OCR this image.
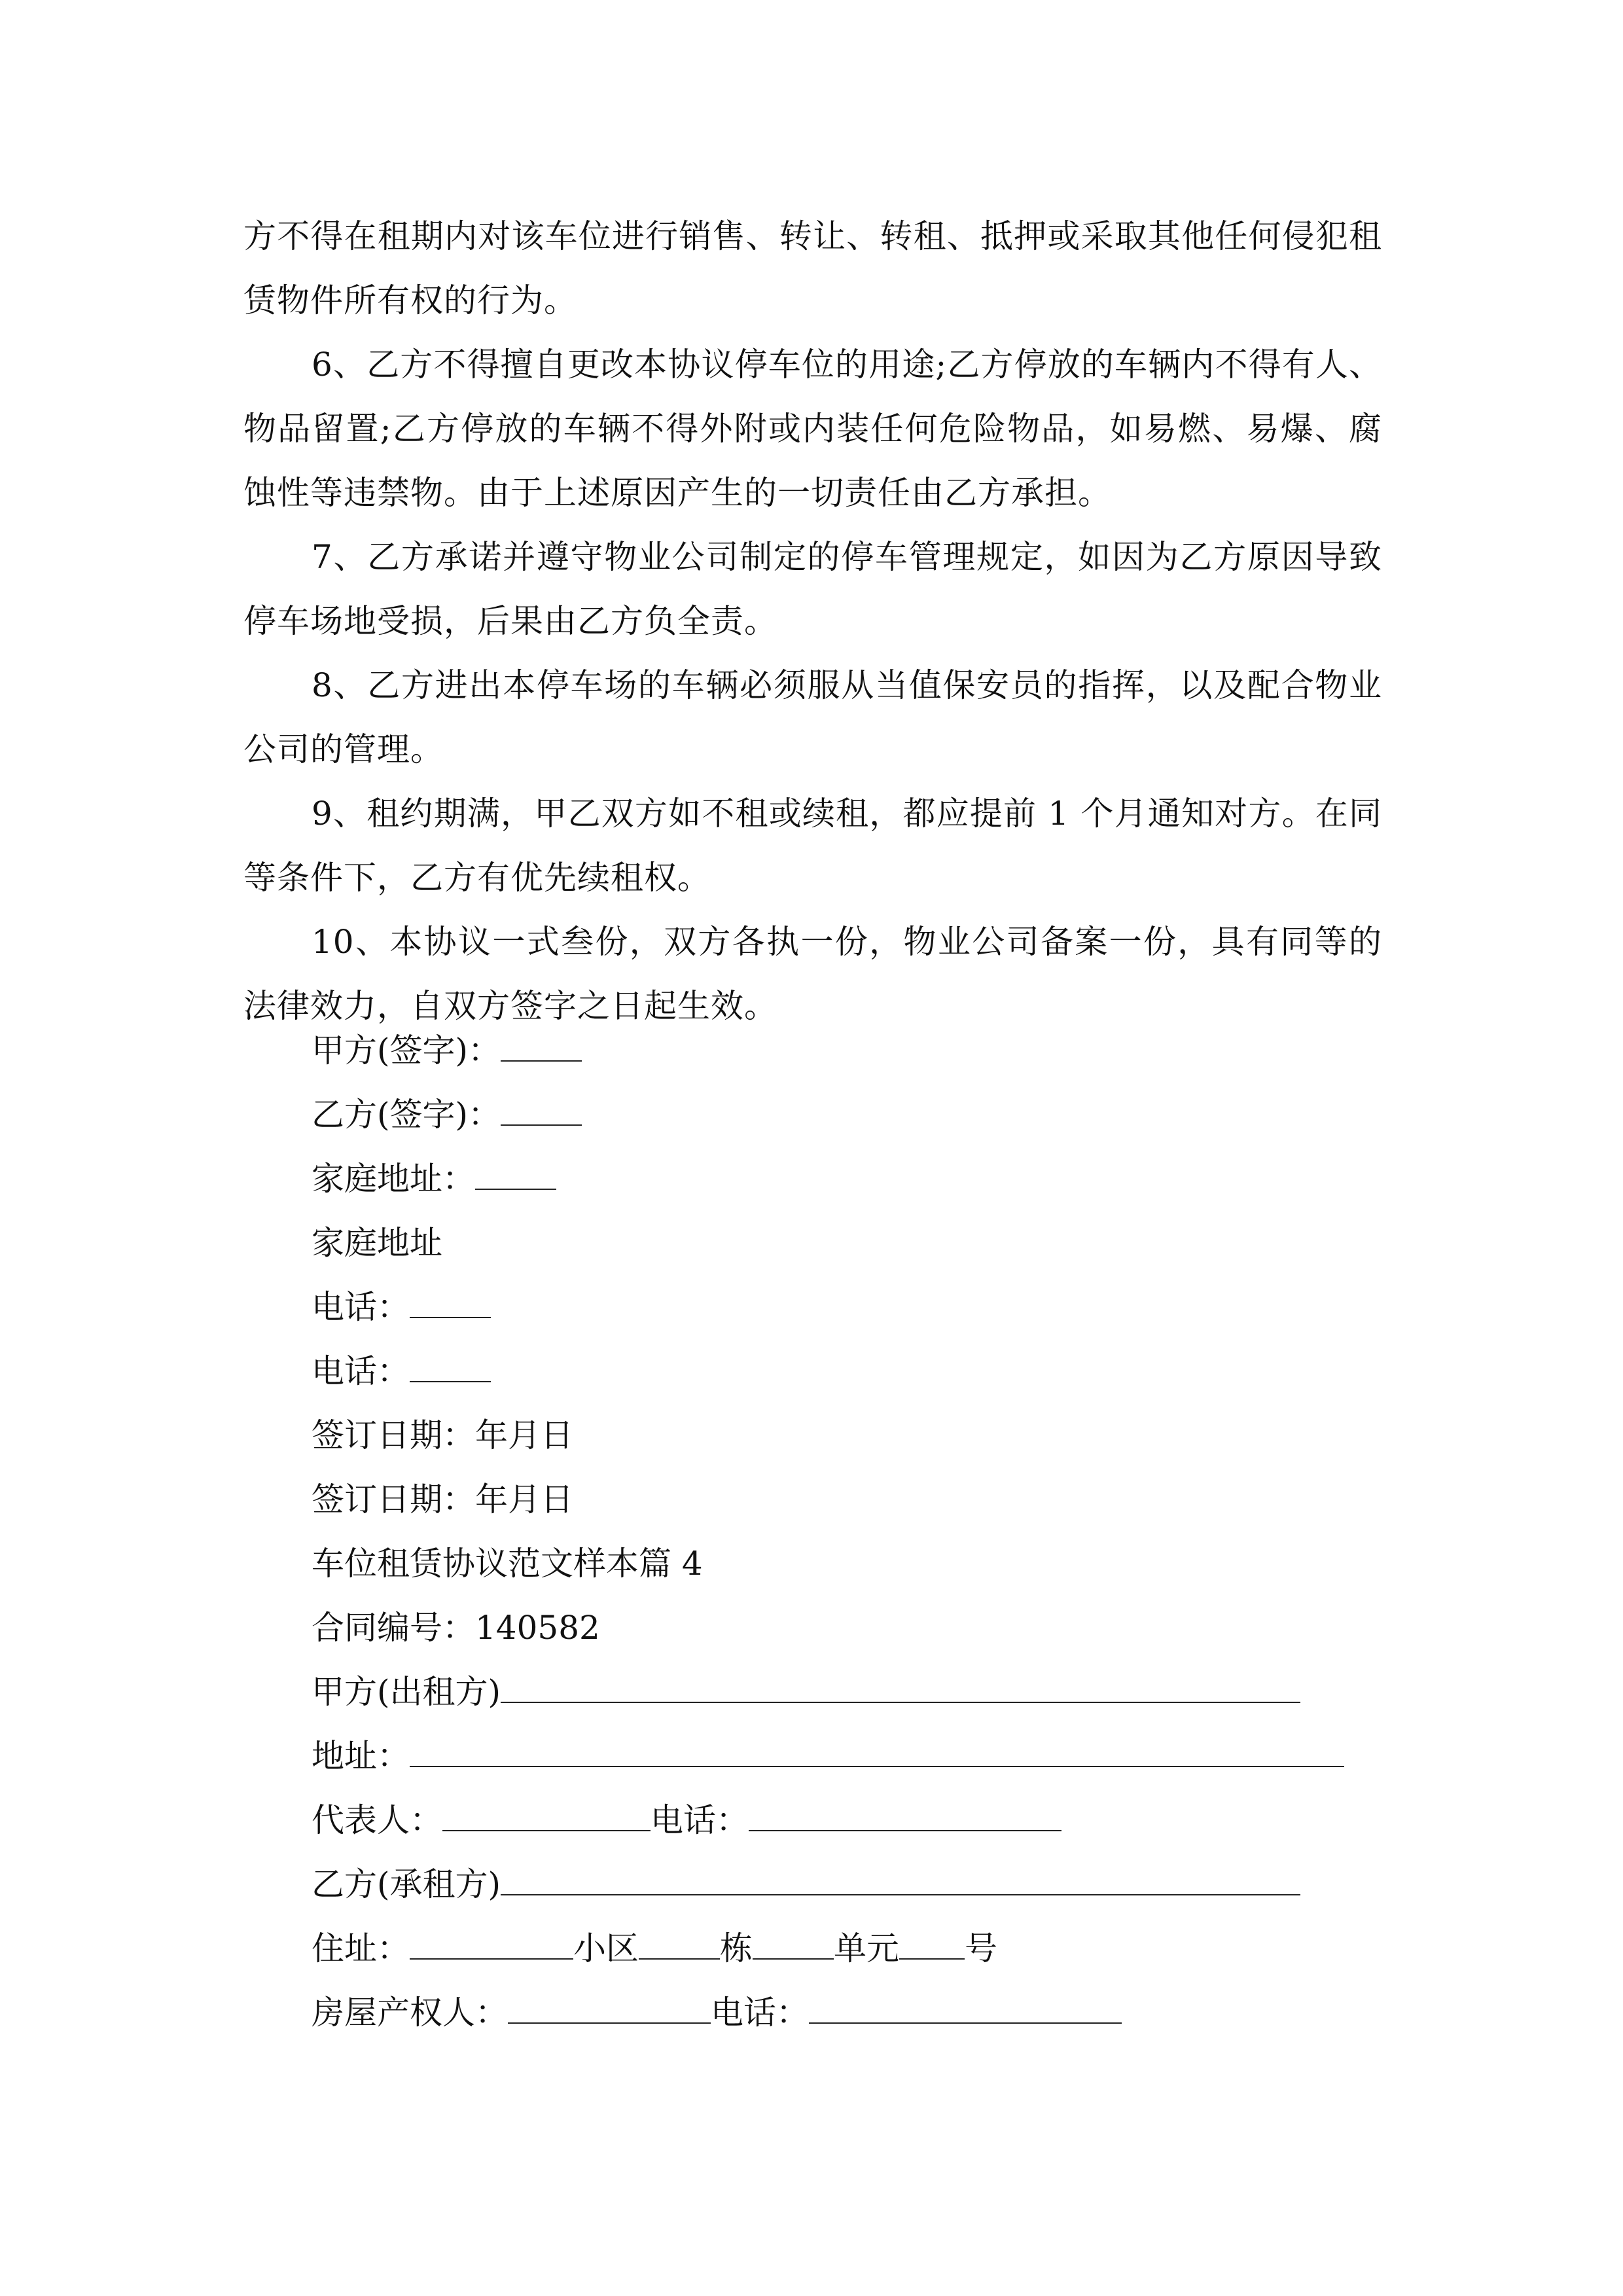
方不得在租期内对该车位进行销售、转让、转租、抵押或采取其他任何侵犯租赁物件所有权的行为。

6、乙方不得擅自更改本协议停车位的用途;乙方停放的车辆内不得有人、物品留置;乙方停放的车辆不得外附或内装任何危险物品，如易燃、易爆、腐蚀性等违禁物。由于上述原因产生的一切责任由乙方承担。

7、乙方承诺并遵守物业公司制定的停车管理规定，如因为乙方原因导致停车场地受损，后果由乙方负全责。

8、乙方进出本停车场的车辆必须服从当值保安员的指挥，以及配合物业公司的管理。

9、租约期满，甲乙双方如不租或续租，都应提前 1 个月通知对方。在同等条件下，乙方有优先续租权。

10、本协议一式叁份，双方各执一份，物业公司备案一份，具有同等的法律效力，自双方签字之日起生效。

甲方(签字)：
乙方(签字)：
家庭地址：
家庭地址
电话：
电话：
签订日期：年月日
签订日期：年月日
车位租赁协议范文样本篇 4
合同编号：140582
甲方(出租方)
地址：
代表人：	电话：
乙方(承租方)
住址：	小区 栋 单元 号
房屋产权人：	电话：
